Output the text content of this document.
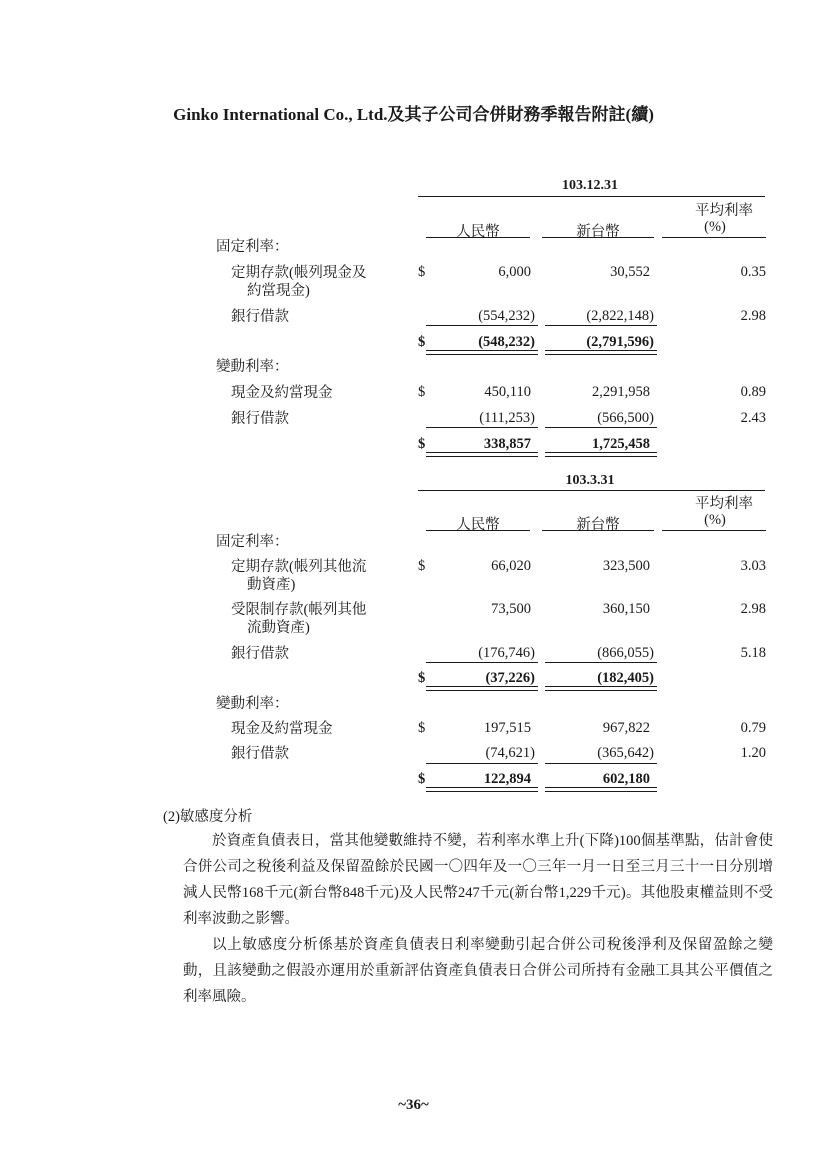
Ginko International Co., Ltd.及其子公司合併財務季報告附註(續)
103.12.31
平均利率
人民幣	新台幣	(%)
固定利率：
定期存款(帳列現金及
約當現金)
$	6,000	30,552	0.35
銀行借款	(554,232)	(2,822,148)	2.98
$	(548,232)	(2,791,596)
變動利率：
現金及約當現金	$	450,110	2,291,958	0.89
銀行借款	(111,253)	(566,500)	2.43
$	338,857	1,725,458
103.3.31
平均利率
人民幣	新台幣	(%)
固定利率：
定期存款(帳列其他流
動資產)
$	66,020	323,500	3.03
受限制存款(帳列其他
流動資產)
73,500	360,150	2.98
銀行借款	(176,746)	(866,055)	5.18
$	(37,226)	(182,405)
變動利率：
現金及約當現金	$	197,515	967,822	0.79
銀行借款	(74,621)	(365,642)	1.20
$	122,894	602,180
(2)敏感度分析

於資產負債表日，當其他變數維持不變，若利率水準上升(下降)100個基準點，估計會使合併公司之稅後利益及保留盈餘於民國一〇四年及一〇三年一月一日至三月三十一日分別增減人民幣168千元(新台幣848千元)及人民幣247千元(新台幣1,229千元)。其他股東權益則不受利率波動之影響。

以上敏感度分析係基於資產負債表日利率變動引起合併公司稅後淨利及保留盈餘之變動，且該變動之假設亦運用於重新評估資產負債表日合併公司所持有金融工具其公平價值之利率風險。

~36~
